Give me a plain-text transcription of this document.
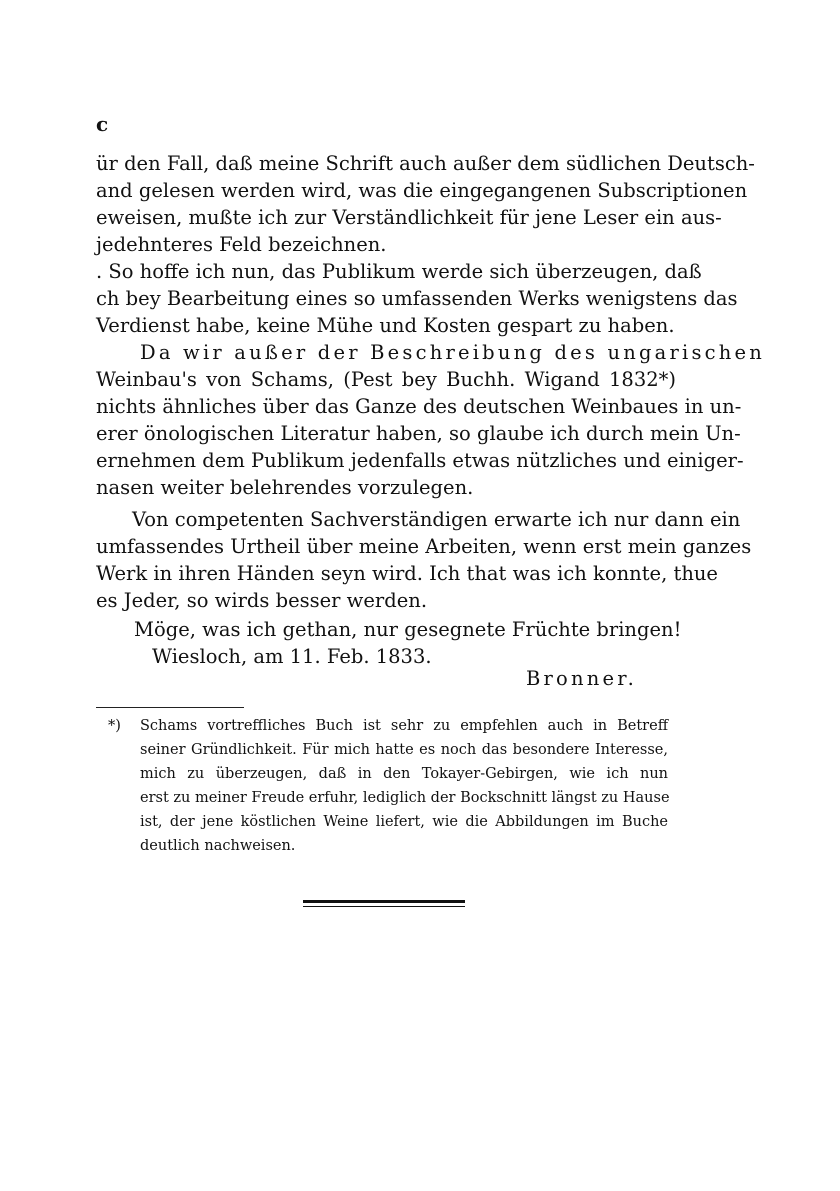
c
ür den Fall, daß meine Schrift auch außer dem südlichen Deutsch-
and gelesen werden wird, was die eingegangenen Subscriptionen
eweisen, mußte ich zur Verständlichkeit für jene Leser ein aus-
jedehnteres Feld bezeichnen.
. So hoffe ich nun, das Publikum werde sich überzeugen, daß
ch bey Bearbeitung eines so umfassenden Werks wenigstens das
Verdienst habe, keine Mühe und Kosten gespart zu haben.
Da wir außer der Beschreibung des ungarischen
Weinbau's von Schams, (Pest bey Buchh. Wigand 1832*)
nichts ähnliches über das Ganze des deutschen Weinbaues in un-
erer önologischen Literatur haben, so glaube ich durch mein Un-
ernehmen dem Publikum jedenfalls etwas nützliches und einiger-
nasen weiter belehrendes vorzulegen.
Von competenten Sachverständigen erwarte ich nur dann ein
umfassendes Urtheil über meine Arbeiten, wenn erst mein ganzes
Werk in ihren Händen seyn wird. Ich that was ich konnte, thue
es Jeder, so wirds besser werden.
Möge, was ich gethan, nur gesegnete Früchte bringen!
Wiesloch, am 11. Feb. 1833.
Bronner.
*)	Schams vortreffliches Buch ist sehr zu empfehlen auch in Betreff
seiner Gründlichkeit. Für mich hatte es noch das besondere Interesse,
mich zu überzeugen, daß in den Tokayer-Gebirgen, wie ich nun
erst zu meiner Freude erfuhr, lediglich der Bockschnitt längst zu Hause
ist, der jene köstlichen Weine liefert, wie die Abbildungen im Buche
deutlich nachweisen.
